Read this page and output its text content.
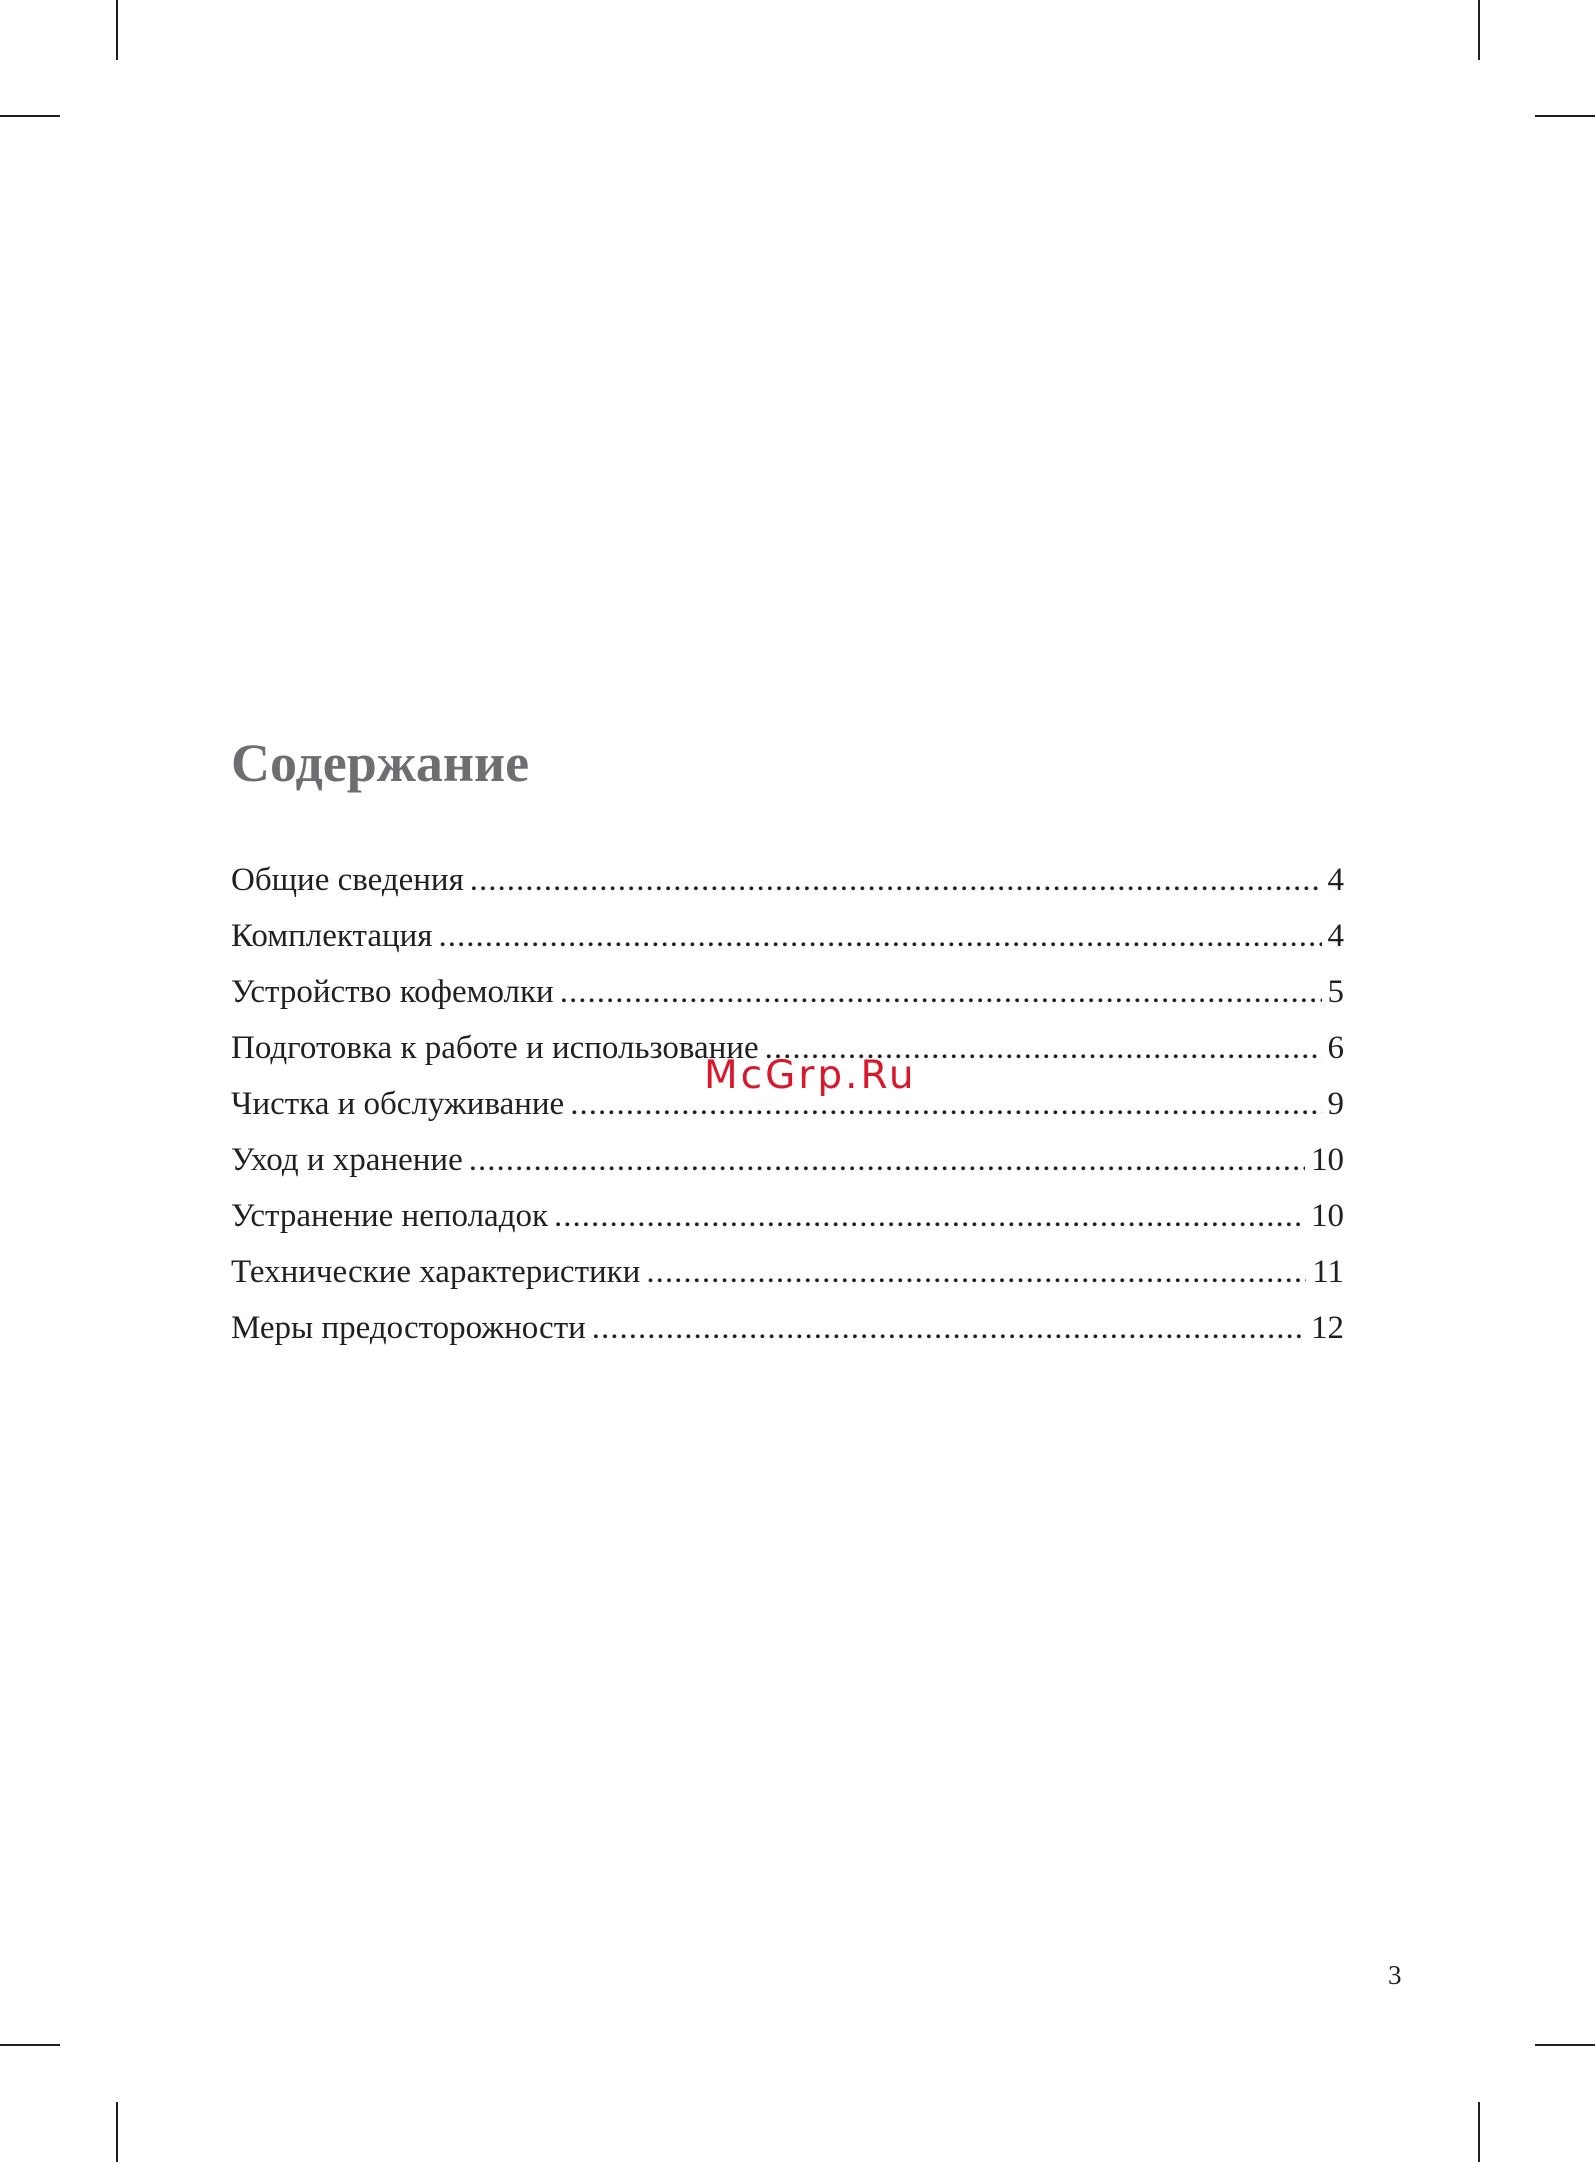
Содержание
Общие сведения .....	4
Комплектация .....	4
Устройство кофемолки .....	5
Подготовка к работе и использование .....	6
Чистка и обслуживание .....	9
Уход и хранение .....	10
Устранение неполадок .....	10
Технические характеристики .....	11
Меры предосторожности .....	12
McGrp.Ru
3
